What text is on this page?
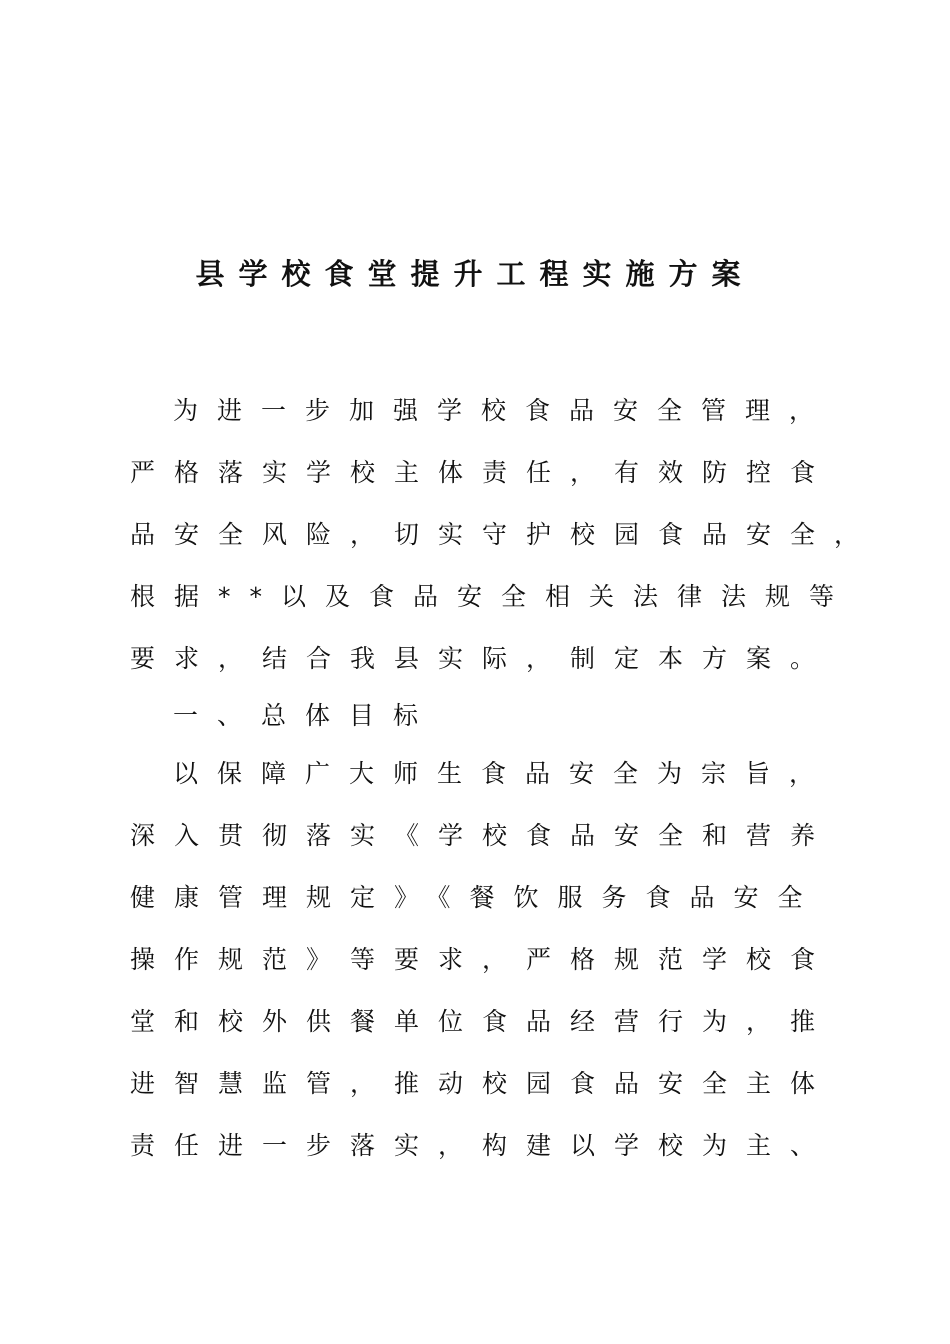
县学校食堂提升工程实施方案
为进一步加强学校食品安全管理，
严格落实学校主体责任，有效防控食
品安全风险，切实守护校园食品安全，
根据**以及食品安全相关法律法规等
要求，结合我县实际，制定本方案。
一、总体目标
以保障广大师生食品安全为宗旨，
深入贯彻落实《学校食品安全和营养
健康管理规定》《餐饮服务食品安全
操作规范》等要求，严格规范学校食
堂和校外供餐单位食品经营行为，推
进智慧监管，推动校园食品安全主体
责任进一步落实，构建以学校为主、
